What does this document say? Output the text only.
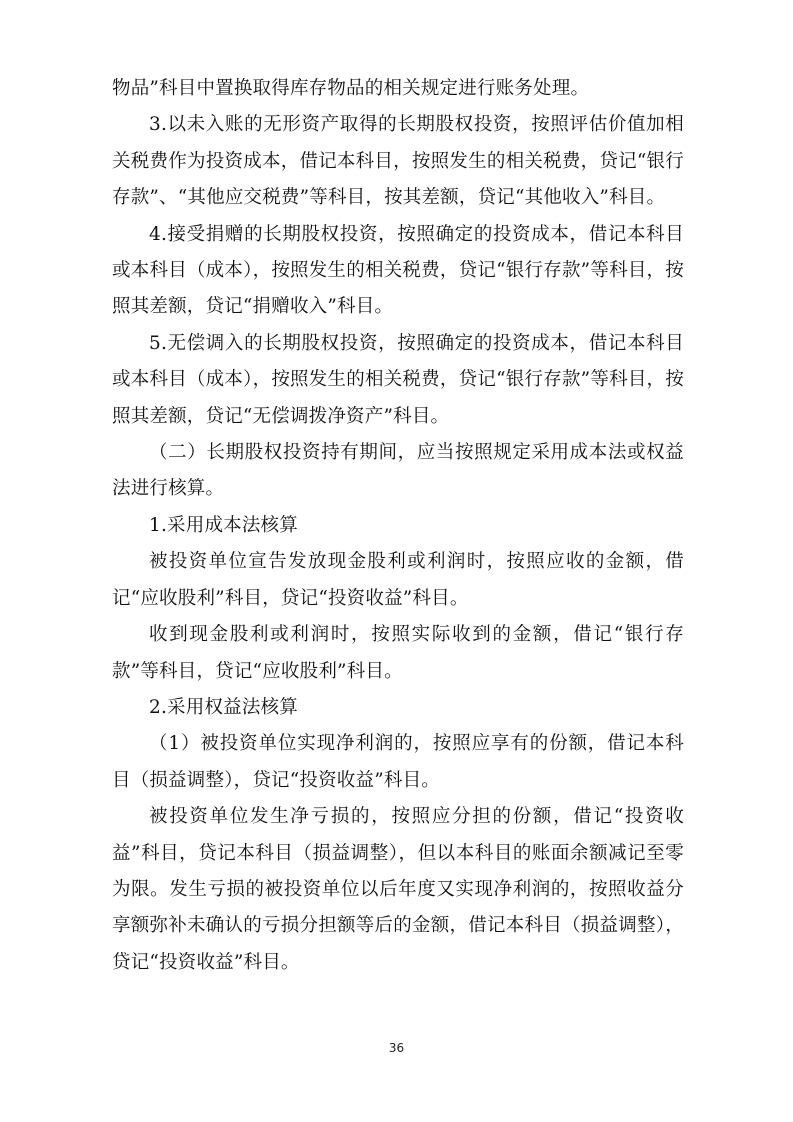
物品”科目中置换取得库存物品的相关规定进行账务处理。

3.以未入账的无形资产取得的长期股权投资，按照评估价值加相关税费作为投资成本，借记本科目，按照发生的相关税费，贷记“银行存款”、“其他应交税费”等科目，按其差额，贷记“其他收入”科目。

4.接受捐赠的长期股权投资，按照确定的投资成本，借记本科目或本科目（成本），按照发生的相关税费，贷记“银行存款”等科目，按照其差额，贷记“捐赠收入”科目。

5.无偿调入的长期股权投资，按照确定的投资成本，借记本科目或本科目（成本），按照发生的相关税费，贷记“银行存款”等科目，按照其差额，贷记“无偿调拨净资产”科目。

（二）长期股权投资持有期间，应当按照规定采用成本法或权益法进行核算。

1.采用成本法核算

被投资单位宣告发放现金股利或利润时，按照应收的金额，借记“应收股利”科目，贷记“投资收益”科目。

收到现金股利或利润时，按照实际收到的金额，借记“银行存款”等科目，贷记“应收股利”科目。

2.采用权益法核算

（1）被投资单位实现净利润的，按照应享有的份额，借记本科目（损益调整），贷记“投资收益”科目。

被投资单位发生净亏损的，按照应分担的份额，借记“投资收益”科目，贷记本科目（损益调整），但以本科目的账面余额减记至零为限。发生亏损的被投资单位以后年度又实现净利润的，按照收益分享额弥补未确认的亏损分担额等后的金额，借记本科目（损益调整），贷记“投资收益”科目。

36
